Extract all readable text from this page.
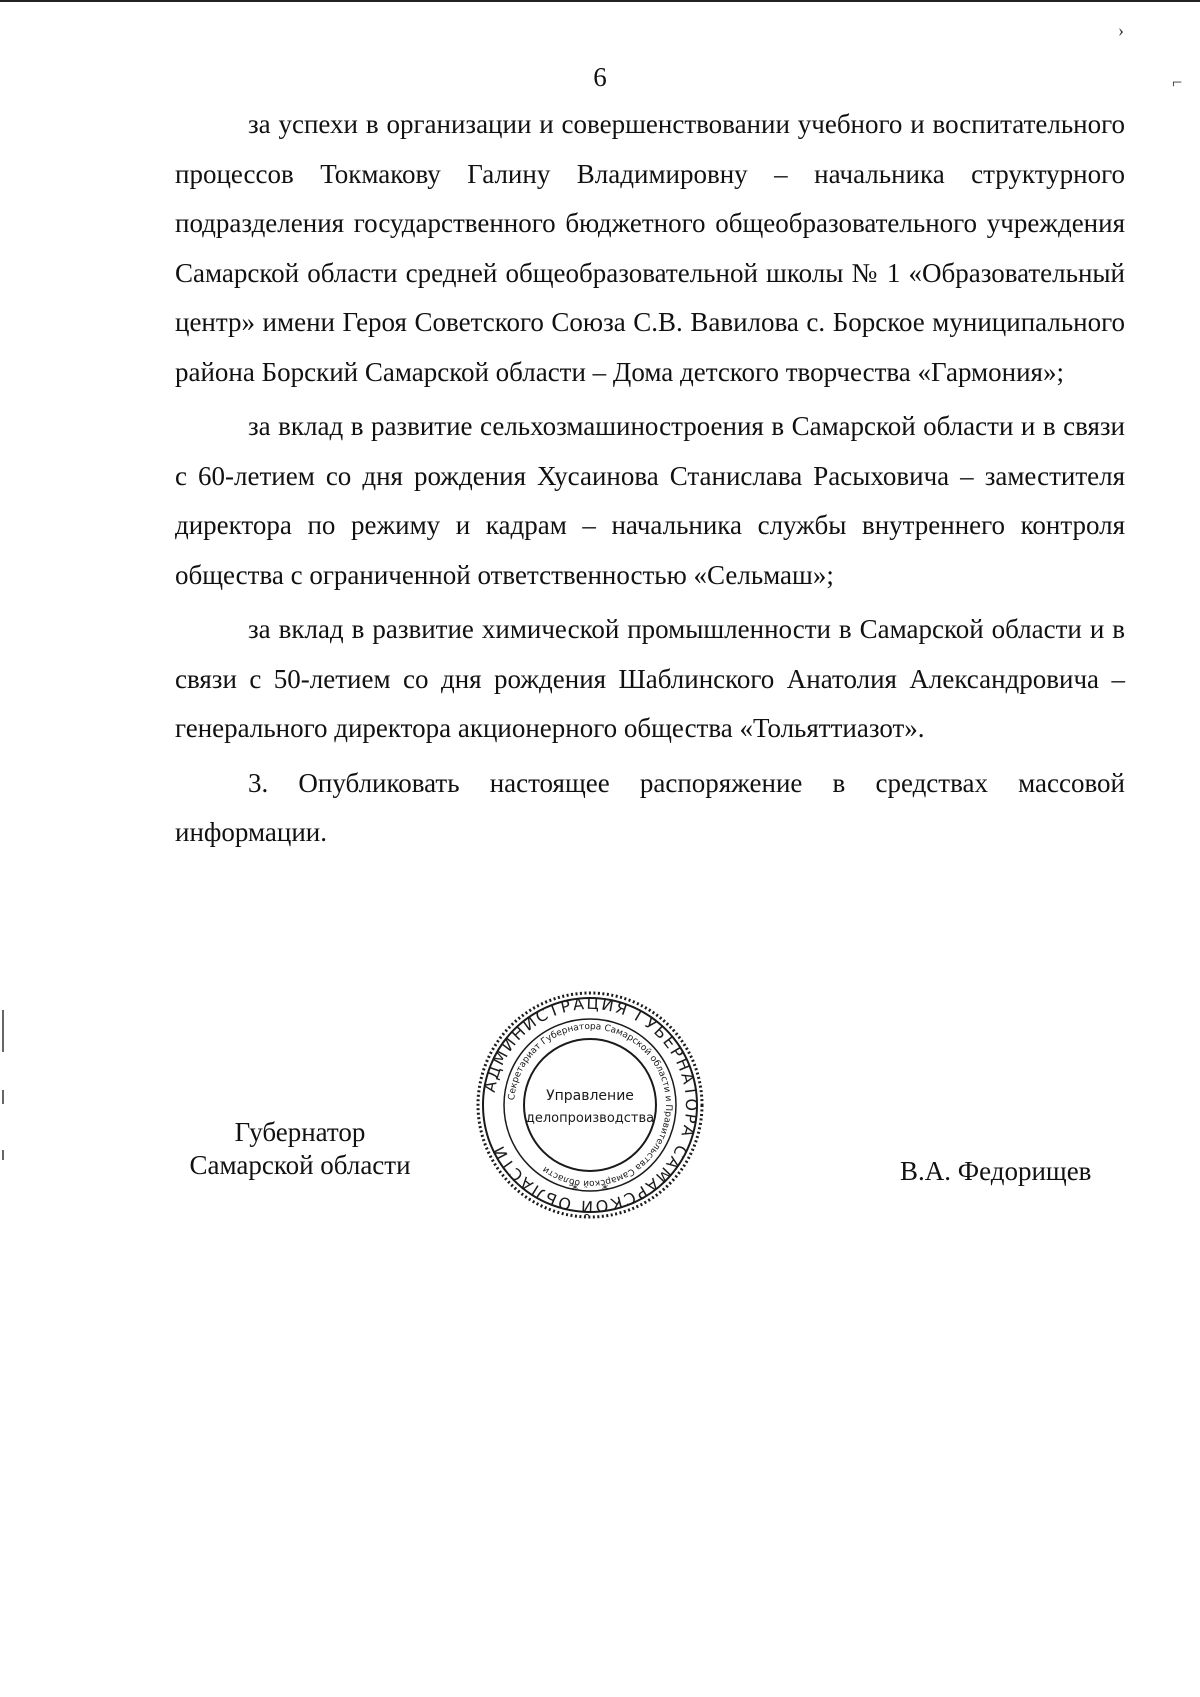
›
⌐
6

за успехи в организации и совершенствовании учебного и воспитательного процессов Токмакову Галину Владимировну – начальника структурного подразделения государственного бюджетного общеобразовательного учреждения Самарской области средней общеобразовательной школы № 1 «Образовательный центр» имени Героя Советского Союза С.В. Вавилова с. Борское муниципального района Борский Самарской области – Дома детского творчества «Гармония»;

за вклад в развитие сельхозмашиностроения в Самарской области и в связи с 60-летием со дня рождения Хусаинова Станислава Расыховича – заместителя директора по режиму и кадрам – начальника службы внутреннего контроля общества с ограниченной ответственностью «Сельмаш»;

за вклад в развитие химической промышленности в Самарской области и в связи с 50-летием со дня рождения Шаблинского Анатолия Александровича – генерального директора акционерного общества «Тольяттиазот».

3. Опубликовать настоящее распоряжение в средствах массовой информации.

Губернатор
Самарской области
АДМИНИСТРАЦИЯ ГУБЕРНАТОРА САМАРСКОЙ ОБЛАСТИ
Секретариат Губернатора Самарской области и Правительства Самарской области
Управление
делопроизводства
* *
В.А. Федорищев
